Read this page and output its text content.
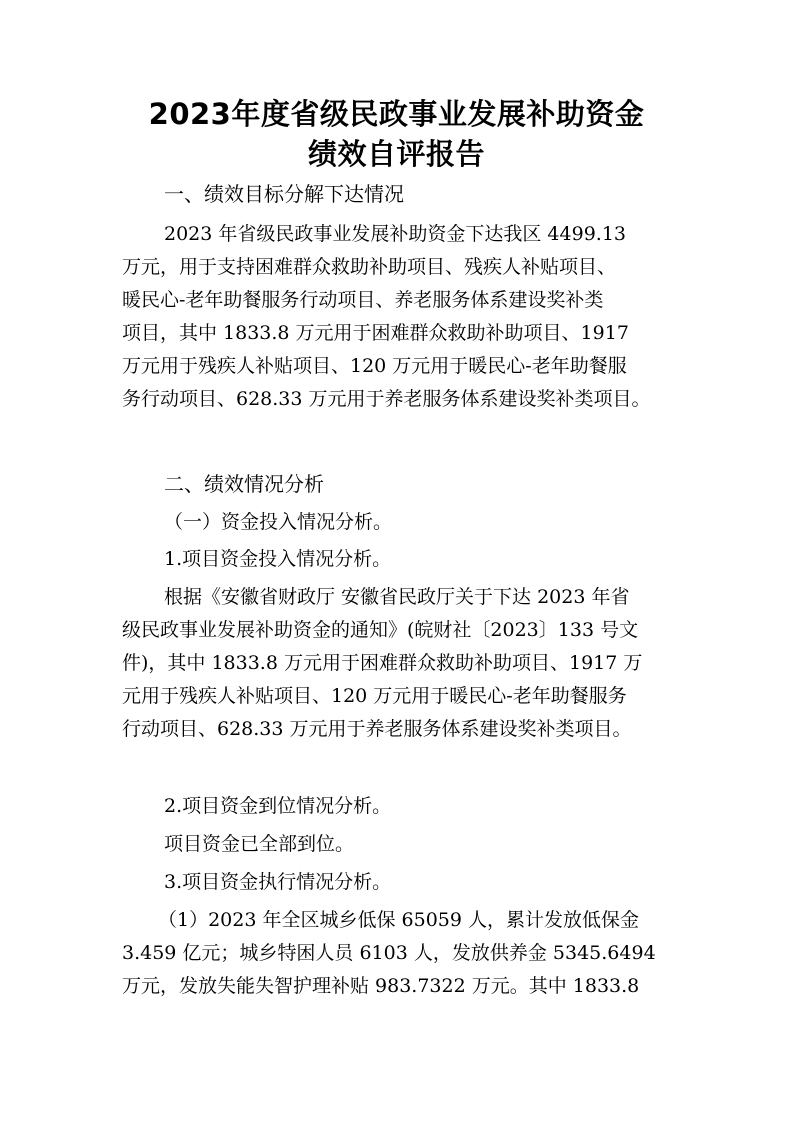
2023年度省级民政事业发展补助资金
绩效自评报告
一、绩效目标分解下达情况
2023 年省级民政事业发展补助资金下达我区 4499.13
万元，用于支持困难群众救助补助项目、残疾人补贴项目、
暖民心-老年助餐服务行动项目、养老服务体系建设奖补类
项目，其中 1833.8 万元用于困难群众救助补助项目、1917
万元用于残疾人补贴项目、120 万元用于暖民心-老年助餐服
务行动项目、628.33 万元用于养老服务体系建设奖补类项目。
二、绩效情况分析
（一）资金投入情况分析。
1.项目资金投入情况分析。
根据《安徽省财政厅 安徽省民政厅关于下达 2023 年省
级民政事业发展补助资金的通知》(皖财社〔2023〕133 号文
件)，其中 1833.8 万元用于困难群众救助补助项目、1917 万
元用于残疾人补贴项目、120 万元用于暖民心-老年助餐服务
行动项目、628.33 万元用于养老服务体系建设奖补类项目。
2.项目资金到位情况分析。
项目资金已全部到位。
3.项目资金执行情况分析。
（1）2023 年全区城乡低保 65059 人，累计发放低保金
3.459 亿元；城乡特困人员 6103 人，发放供养金 5345.6494
万元，发放失能失智护理补贴 983.7322 万元。其中 1833.8
